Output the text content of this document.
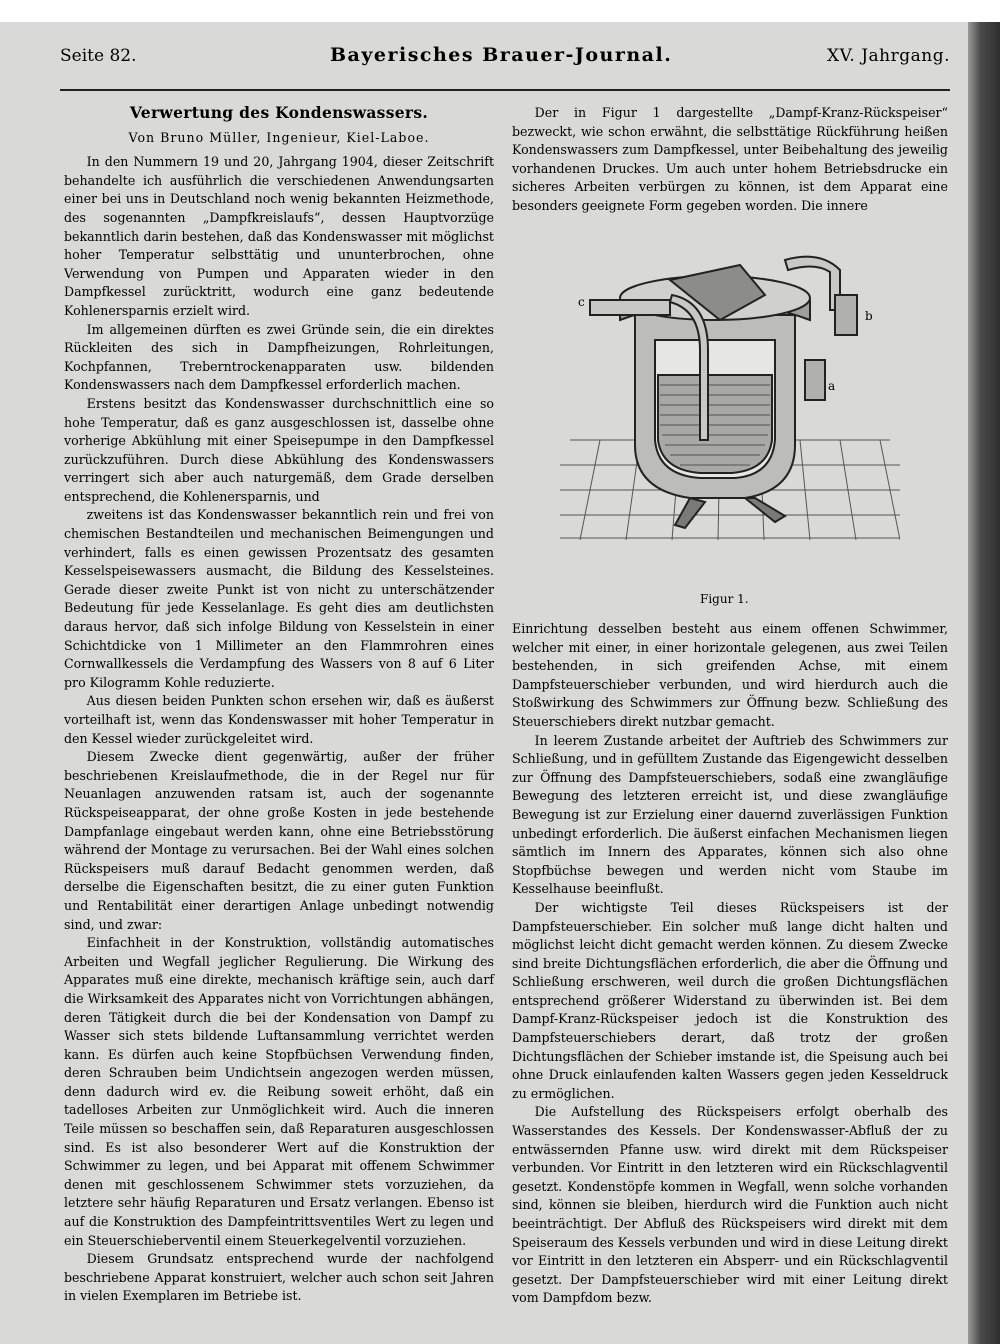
Seite 82.	Bayerisches Brauer-Journal.	XV. Jahrgang.
Verwertung des Kondenswassers.
Von Bruno Müller, Ingenieur, Kiel-Laboe.

In den Nummern 19 und 20, Jahrgang 1904, dieser Zeitschrift behandelte ich ausführlich die verschiedenen Anwendungsarten einer bei uns in Deutschland noch wenig bekannten Heizmethode, des sogenannten „Dampfkreislaufs“, dessen Hauptvorzüge bekanntlich darin bestehen, daß das Kondenswasser mit möglichst hoher Temperatur selbsttätig und ununterbrochen, ohne Verwendung von Pumpen und Apparaten wieder in den Dampfkessel zurücktritt, wodurch eine ganz bedeutende Kohlenersparnis erzielt wird.

Im allgemeinen dürften es zwei Gründe sein, die ein direktes Rückleiten des sich in Dampfheizungen, Rohrleitungen, Kochpfannen, Treberntrockenapparaten usw. bildenden Kondenswassers nach dem Dampfkessel erforderlich machen.

Erstens besitzt das Kondenswasser durchschnittlich eine so hohe Temperatur, daß es ganz ausgeschlossen ist, dasselbe ohne vorherige Abkühlung mit einer Speisepumpe in den Dampfkessel zurückzuführen. Durch diese Abkühlung des Kondenswassers verringert sich aber auch naturgemäß, dem Grade derselben entsprechend, die Kohlenersparnis, und

zweitens ist das Kondenswasser bekanntlich rein und frei von chemischen Bestandteilen und mechanischen Beimengungen und verhindert, falls es einen gewissen Prozentsatz des gesamten Kesselspeisewassers ausmacht, die Bildung des Kesselsteines. Gerade dieser zweite Punkt ist von nicht zu unterschätzender Bedeutung für jede Kesselanlage. Es geht dies am deutlichsten daraus hervor, daß sich infolge Bildung von Kesselstein in einer Schichtdicke von 1 Millimeter an den Flammrohren eines Cornwallkessels die Verdampfung des Wassers von 8 auf 6 Liter pro Kilogramm Kohle reduzierte.

Aus diesen beiden Punkten schon ersehen wir, daß es äußerst vorteilhaft ist, wenn das Kondenswasser mit hoher Temperatur in den Kessel wieder zurückgeleitet wird.

Diesem Zwecke dient gegenwärtig, außer der früher beschriebenen Kreislaufmethode, die in der Regel nur für Neuanlagen anzuwenden ratsam ist, auch der sogenannte Rückspeiseapparat, der ohne große Kosten in jede bestehende Dampfanlage eingebaut werden kann, ohne eine Betriebsstörung während der Montage zu verursachen. Bei der Wahl eines solchen Rückspeisers muß darauf Bedacht genommen werden, daß derselbe die Eigenschaften besitzt, die zu einer guten Funktion und Rentabilität einer derartigen Anlage unbedingt notwendig sind, und zwar:

Einfachheit in der Konstruktion, vollständig automatisches Arbeiten und Wegfall jeglicher Regulierung. Die Wirkung des Apparates muß eine direkte, mechanisch kräftige sein, auch darf die Wirksamkeit des Apparates nicht von Vorrichtungen abhängen, deren Tätigkeit durch die bei der Kondensation von Dampf zu Wasser sich stets bildende Luftansammlung verrichtet werden kann. Es dürfen auch keine Stopfbüchsen Verwendung finden, deren Schrauben beim Undichtsein angezogen werden müssen, denn dadurch wird ev. die Reibung soweit erhöht, daß ein tadelloses Arbeiten zur Unmöglichkeit wird. Auch die inneren Teile müssen so beschaffen sein, daß Reparaturen ausgeschlossen sind. Es ist also besonderer Wert auf die Konstruktion der Schwimmer zu legen, und bei Apparat mit offenem Schwimmer denen mit geschlossenem Schwimmer stets vorzuziehen, da letztere sehr häufig Reparaturen und Ersatz verlangen. Ebenso ist auf die Konstruktion des Dampfeintrittsventiles Wert zu legen und ein Steuerschieberventil einem Steuerkegelventil vorzuziehen.

Diesem Grundsatz entsprechend wurde der nachfolgend beschriebene Apparat konstruiert, welcher auch schon seit Jahren in vielen Exemplaren im Betriebe ist.

Der in Figur 1 dargestellte „Dampf-Kranz-Rückspeiser“ bezweckt, wie schon erwähnt, die selbsttätige Rückführung heißen Kondenswassers zum Dampfkessel, unter Beibehaltung des jeweilig vorhandenen Druckes. Um auch unter hohem Betriebsdrucke ein sicheres Arbeiten verbürgen zu können, ist dem Apparat eine besonders geeignete Form gegeben worden. Die innere

c
b
a
Figur 1.

Einrichtung desselben besteht aus einem offenen Schwimmer, welcher mit einer, in einer horizontale gelegenen, aus zwei Teilen bestehenden, in sich greifenden Achse, mit einem Dampfsteuerschieber verbunden, und wird hierdurch auch die Stoßwirkung des Schwimmers zur Öffnung bezw. Schließung des Steuerschiebers direkt nutzbar gemacht.

In leerem Zustande arbeitet der Auftrieb des Schwimmers zur Schließung, und in gefülltem Zustande das Eigengewicht desselben zur Öffnung des Dampfsteuerschiebers, sodaß eine zwangläufige Bewegung des letzteren erreicht ist, und diese zwangläufige Bewegung ist zur Erzielung einer dauernd zuverlässigen Funktion unbedingt erforderlich. Die äußerst einfachen Mechanismen liegen sämtlich im Innern des Apparates, können sich also ohne Stopfbüchse bewegen und werden nicht vom Staube im Kesselhause beeinflußt.

Der wichtigste Teil dieses Rückspeisers ist der Dampfsteuerschieber. Ein solcher muß lange dicht halten und möglichst leicht dicht gemacht werden können. Zu diesem Zwecke sind breite Dichtungsflächen erforderlich, die aber die Öffnung und Schließung erschweren, weil durch die großen Dichtungsflächen entsprechend größerer Widerstand zu überwinden ist. Bei dem Dampf-Kranz-Rückspeiser jedoch ist die Konstruktion des Dampfsteuerschiebers derart, daß trotz der großen Dichtungsflächen der Schieber imstande ist, die Speisung auch bei ohne Druck einlaufenden kalten Wassers gegen jeden Kesseldruck zu ermöglichen.

Die Aufstellung des Rückspeisers erfolgt oberhalb des Wasserstandes des Kessels. Der Kondenswasser-Abfluß der zu entwässernden Pfanne usw. wird direkt mit dem Rückspeiser verbunden. Vor Eintritt in den letzteren wird ein Rückschlagventil gesetzt. Kondenstöpfe kommen in Wegfall, wenn solche vorhanden sind, können sie bleiben, hierdurch wird die Funktion auch nicht beeinträchtigt. Der Abfluß des Rückspeisers wird direkt mit dem Speiseraum des Kessels verbunden und wird in diese Leitung direkt vor Eintritt in den letzteren ein Absperr- und ein Rückschlagventil gesetzt. Der Dampfsteuerschieber wird mit einer Leitung direkt vom Dampfdom bezw.
